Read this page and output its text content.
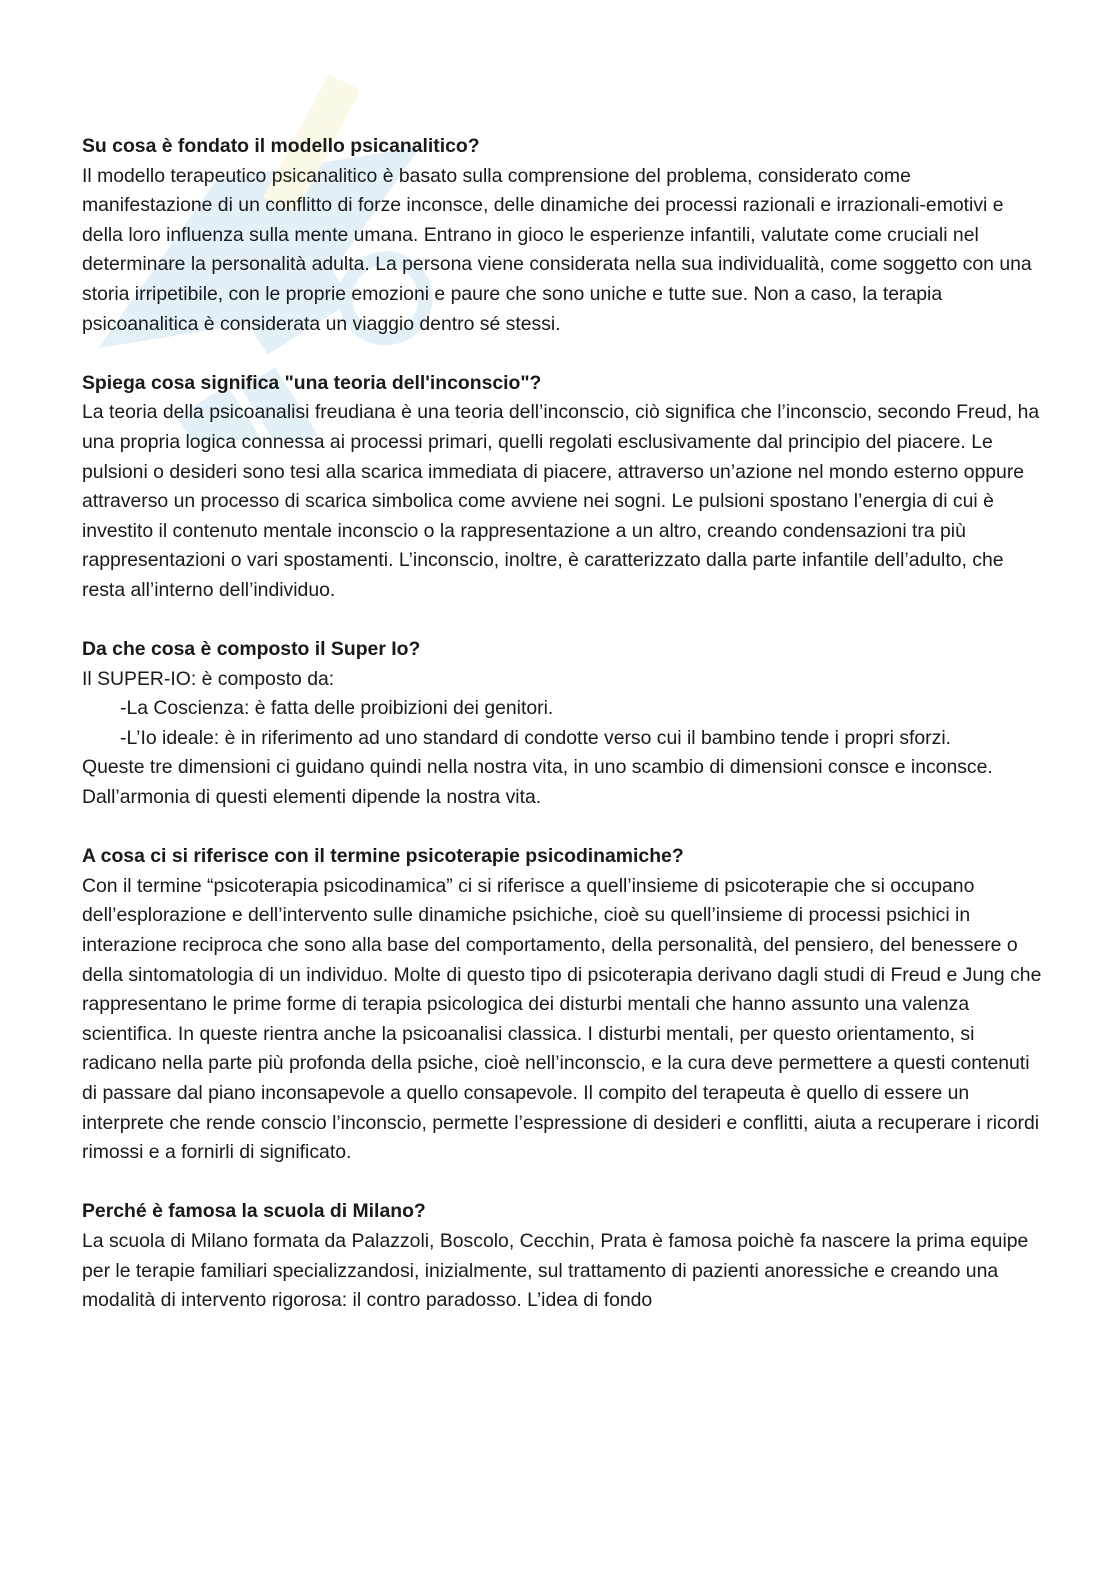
Su cosa è fondato il modello psicanalitico?

Il modello terapeutico psicanalitico è basato sulla comprensione del problema, considerato come manifestazione di un conflitto di forze inconsce, delle dinamiche dei processi razionali e irrazionali-emotivi e della loro influenza sulla mente umana. Entrano in gioco le esperienze infantili, valutate come cruciali nel determinare la personalità adulta. La persona viene considerata nella sua individualità, come soggetto con una storia irripetibile, con le proprie emozioni e paure che sono uniche e tutte sue. Non a caso, la terapia psicoanalitica è considerata un viaggio dentro sé stessi.

Spiega cosa significa "una teoria dell'inconscio"?

La teoria della psicoanalisi freudiana è una teoria dell’inconscio, ciò significa che l’inconscio, secondo Freud, ha una propria logica connessa ai processi primari, quelli regolati esclusivamente dal principio del piacere. Le pulsioni o desideri sono tesi alla scarica immediata di piacere, attraverso un’azione nel mondo esterno oppure attraverso un processo di scarica simbolica come avviene nei sogni. Le pulsioni spostano l’energia di cui è investito il contenuto mentale inconscio o la rappresentazione a un altro, creando condensazioni tra più rappresentazioni o vari spostamenti. L’inconscio, inoltre, è caratterizzato dalla parte infantile dell’adulto, che resta all’interno dell’individuo.

Da che cosa è composto il Super Io?

Il SUPER-IO: è composto da:

-La Coscienza: è fatta delle proibizioni dei genitori.

-L’Io ideale: è in riferimento ad uno standard di condotte verso cui il bambino tende i propri sforzi.

Queste tre dimensioni ci guidano quindi nella nostra vita, in uno scambio di dimensioni consce e inconsce. Dall’armonia di questi elementi dipende la nostra vita.

A cosa ci si riferisce con il termine psicoterapie psicodinamiche?

Con il termine “psicoterapia psicodinamica” ci si riferisce a quell’insieme di psicoterapie che si occupano dell’esplorazione e dell’intervento sulle dinamiche psichiche, cioè su quell’insieme di processi psichici in interazione reciproca che sono alla base del comportamento, della personalità, del pensiero, del benessere o della sintomatologia di un individuo. Molte di questo tipo di psicoterapia derivano dagli studi di Freud e Jung che rappresentano le prime forme di terapia psicologica dei disturbi mentali che hanno assunto una valenza scientifica. In queste rientra anche la psicoanalisi classica. I disturbi mentali, per questo orientamento, si radicano nella parte più profonda della psiche, cioè nell’inconscio, e la cura deve permettere a questi contenuti di passare dal piano inconsapevole a quello consapevole. Il compito del terapeuta è quello di essere un interprete che rende conscio l’inconscio, permette l’espressione di desideri e conflitti, aiuta a recuperare i ricordi rimossi e a fornirli di significato.

Perché è famosa la scuola di Milano?

La scuola di Milano formata da Palazzoli, Boscolo, Cecchin, Prata è famosa poichè fa nascere la prima equipe per le terapie familiari specializzandosi, inizialmente, sul trattamento di pazienti anoressiche e creando una modalità di intervento rigorosa: il contro paradosso. L’idea di fondo
